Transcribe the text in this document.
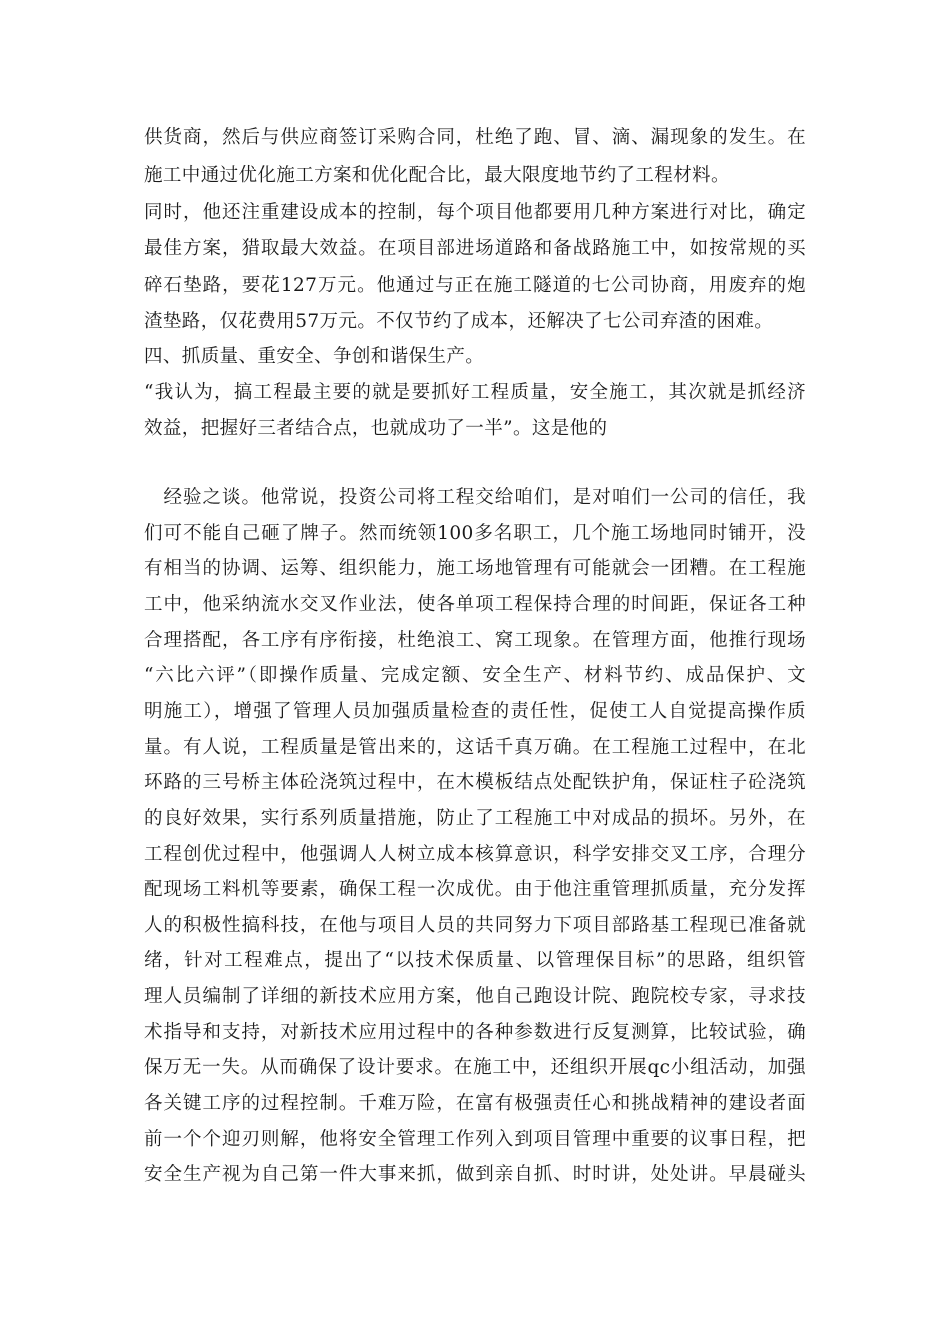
供货商，然后与供应商签订采购合同，杜绝了跑、冒、滴、漏现象的发生。在
施工中通过优化施工方案和优化配合比，最大限度地节约了工程材料。
同时，他还注重建设成本的控制，每个项目他都要用几种方案进行对比，确定
最佳方案，猎取最大效益。在项目部进场道路和备战路施工中，如按常规的买
碎石垫路，要花127万元。他通过与正在施工隧道的七公司协商，用废弃的炮
渣垫路，仅花费用57万元。不仅节约了成本，还解决了七公司弃渣的困难。
四、抓质量、重安全、争创和谐保生产。
“我认为，搞工程最主要的就是要抓好工程质量，安全施工，其次就是抓经济
效益，把握好三者结合点，也就成功了一半”。这是他的
　经验之谈。他常说，投资公司将工程交给咱们，是对咱们一公司的信任，我
们可不能自己砸了牌子。然而统领100多名职工，几个施工场地同时铺开，没
有相当的协调、运筹、组织能力，施工场地管理有可能就会一团糟。在工程施
工中，他采纳流水交叉作业法，使各单项工程保持合理的时间距，保证各工种
合理搭配，各工序有序衔接，杜绝浪工、窝工现象。在管理方面，他推行现场
“六比六评”（即操作质量、完成定额、安全生产、材料节约、成品保护、文
明施工），增强了管理人员加强质量检查的责任性，促使工人自觉提高操作质
量。有人说，工程质量是管出来的，这话千真万确。在工程施工过程中，在北
环路的三号桥主体砼浇筑过程中，在木模板结点处配铁护角，保证柱子砼浇筑
的良好效果，实行系列质量措施，防止了工程施工中对成品的损坏。另外，在
工程创优过程中，他强调人人树立成本核算意识，科学安排交叉工序，合理分
配现场工料机等要素，确保工程一次成优。由于他注重管理抓质量，充分发挥
人的积极性搞科技，在他与项目人员的共同努力下项目部路基工程现已准备就
绪，针对工程难点，提出了“以技术保质量、以管理保目标”的思路，组织管
理人员编制了详细的新技术应用方案，他自己跑设计院、跑院校专家，寻求技
术指导和支持，对新技术应用过程中的各种参数进行反复测算，比较试验，确
保万无一失。从而确保了设计要求。在施工中，还组织开展qc小组活动，加强
各关键工序的过程控制。千难万险，在富有极强责任心和挑战精神的建设者面
前一个个迎刃则解，他将安全管理工作列入到项目管理中重要的议事日程，把
安全生产视为自己第一件大事来抓，做到亲自抓、时时讲，处处讲。早晨碰头
